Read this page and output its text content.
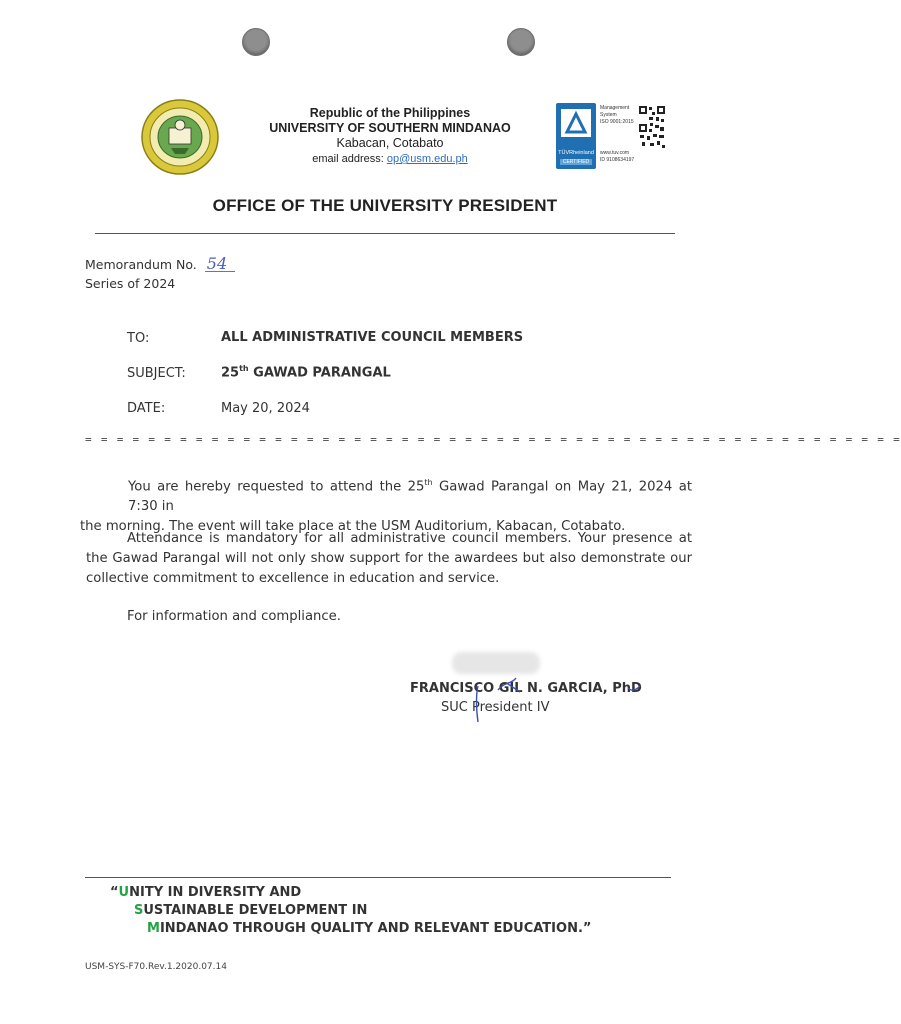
Republic of the Philippines
UNIVERSITY OF SOUTHERN MINDANAO
Kabacan, Cotabato
email address: op@usm.edu.ph	TÜVRheinland
CERTIFIED
Management System
ISO 9001:2015
www.tuv.com
ID 9108634197
OFFICE OF THE UNIVERSITY PRESIDENT
Memorandum No. 54
Series of 2024
TO:	ALL ADMINISTRATIVE COUNCIL MEMBERS
SUBJECT:	25th GAWAD PARANGAL
DATE:	May 20, 2024
= = = = = = = = = = = = = = = = = = = = = = = = = = = = = = = = = = = = = = = = = = = = = = = = = = = =
You are hereby requested to attend the 25th Gawad Parangal on May 21, 2024 at 7:30 in
the morning. The event will take place at the USM Auditorium, Kabacan, Cotabato.
Attendance is mandatory for all administrative council members. Your presence at the Gawad Parangal will not only show support for the awardees but also demonstrate our collective commitment to excellence in education and service.
For information and compliance.
FRANCISCO GIL N. GARCIA, PhD
SUC President IV
“UNITY IN DIVERSITY AND
SUSTAINABLE DEVELOPMENT IN
MINDANAO THROUGH QUALITY AND RELEVANT EDUCATION.”
USM-SYS-F70.Rev.1.2020.07.14
